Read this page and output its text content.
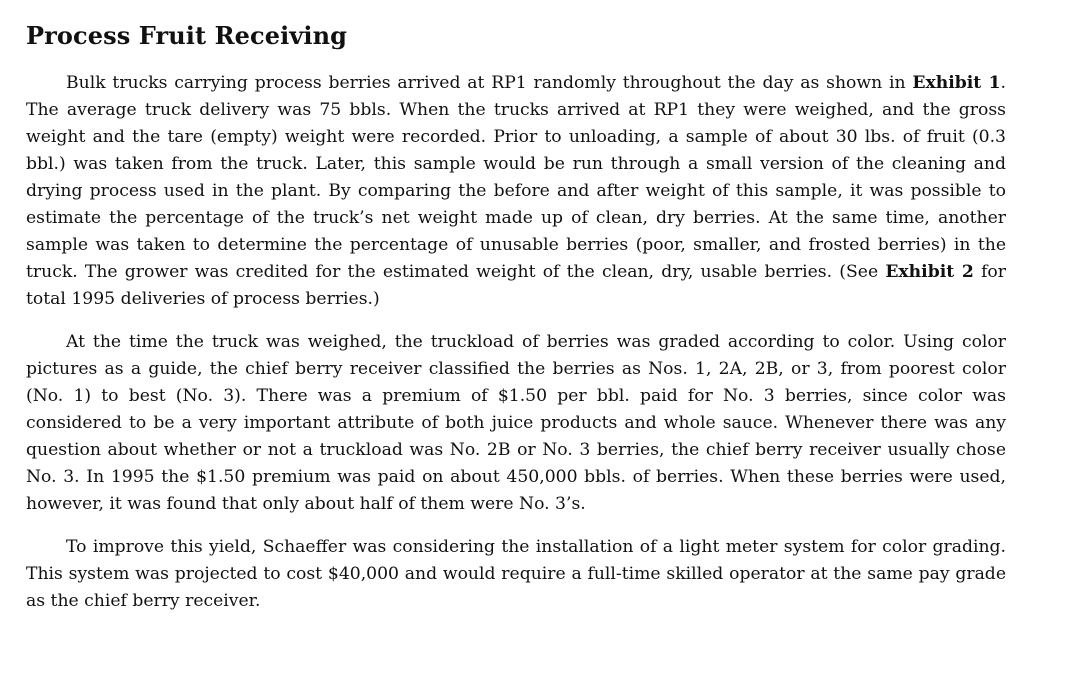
Process Fruit Receiving

Bulk trucks carrying process berries arrived at RP1 randomly throughout the day as shown in Exhibit 1. The average truck delivery was 75 bbls. When the trucks arrived at RP1 they were weighed, and the gross weight and the tare (empty) weight were recorded. Prior to unloading, a sample of about 30 lbs. of fruit (0.3 bbl.) was taken from the truck. Later, this sample would be run through a small version of the cleaning and drying process used in the plant. By comparing the before and after weight of this sample, it was possible to estimate the percentage of the truck’s net weight made up of clean, dry berries. At the same time, another sample was taken to determine the percentage of unusable berries (poor, smaller, and frosted berries) in the truck. The grower was credited for the estimated weight of the clean, dry, usable berries. (See Exhibit 2 for total 1995 deliveries of process berries.)

At the time the truck was weighed, the truckload of berries was graded according to color. Using color pictures as a guide, the chief berry receiver classified the berries as Nos. 1, 2A, 2B, or 3, from poorest color (No. 1) to best (No. 3). There was a premium of $1.50 per bbl. paid for No. 3 berries, since color was considered to be a very important attribute of both juice products and whole sauce. Whenever there was any question about whether or not a truckload was No. 2B or No. 3 berries, the chief berry receiver usually chose No. 3. In 1995 the $1.50 premium was paid on about 450,000 bbls. of berries. When these berries were used, however, it was found that only about half of them were No. 3’s.

To improve this yield, Schaeffer was considering the installation of a light meter system for color grading. This system was projected to cost $40,000 and would require a full-time skilled operator at the same pay grade as the chief berry receiver.
